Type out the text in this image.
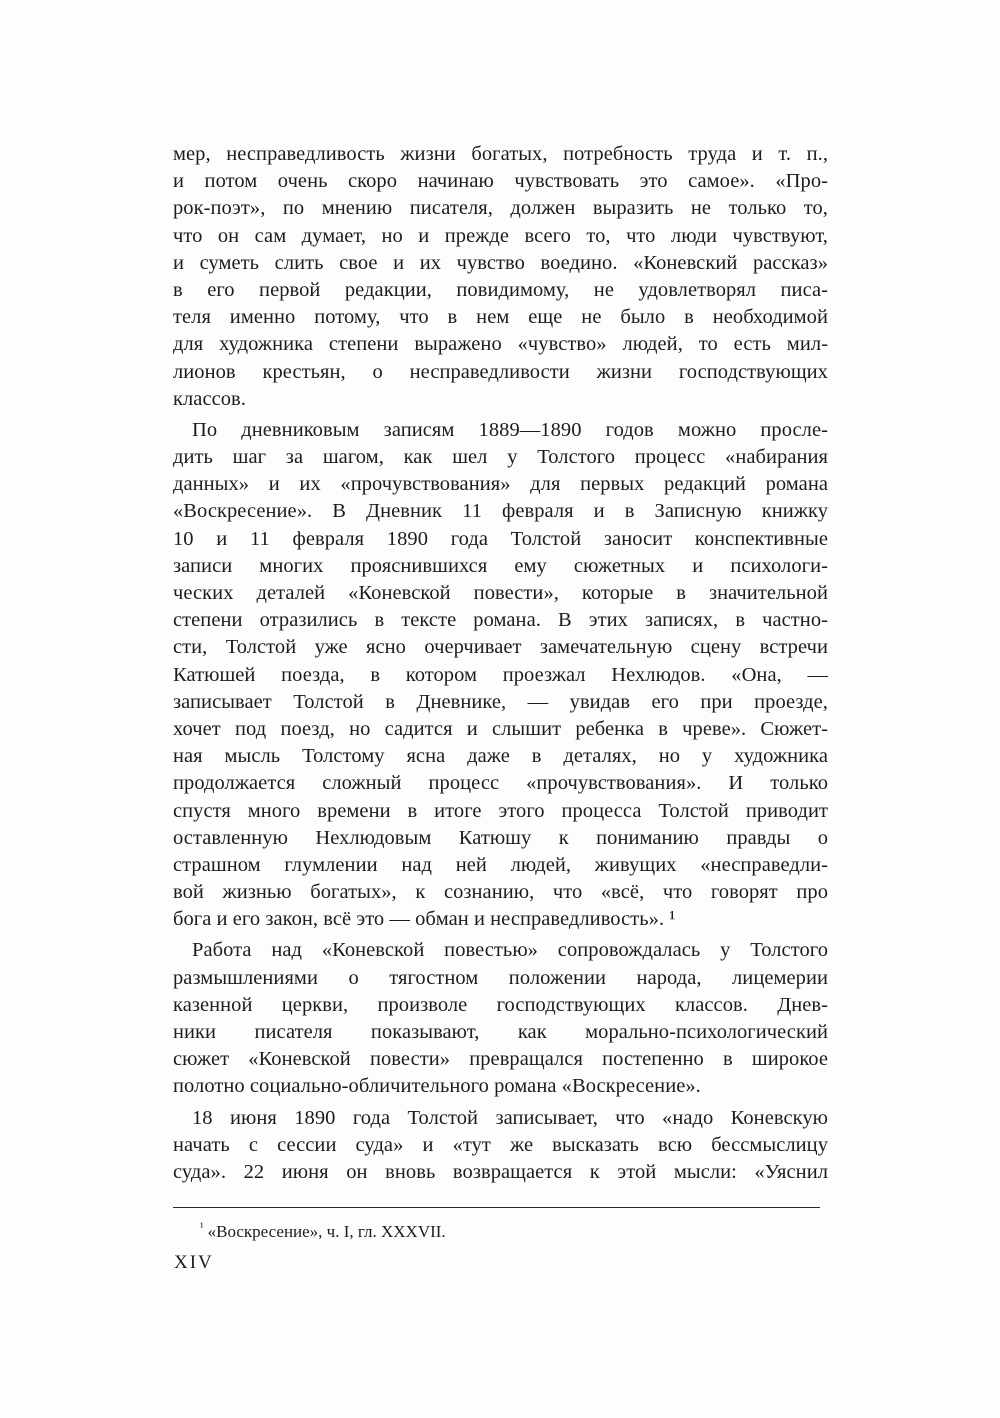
мер, несправедливость жизни богатых, потребность труда и т. п.,
и потом очень скоро начинаю чувствовать это самое». «Про-
рок-поэт», по мнению писателя, должен выразить не только то,
что он сам думает, но и прежде всего то, что люди чувствуют,
и суметь слить свое и их чувство воедино. «Коневский рассказ»
в его первой редакции, повидимому, не удовлетворял писа-
теля именно потому, что в нем еще не было в необходимой
для художника степени выражено «чувство» людей, то есть мил-
лионов крестьян, о несправедливости жизни господствующих
классов.
По дневниковым записям 1889—1890 годов можно просле-
дить шаг за шагом, как шел у Толстого процесс «набирания
данных» и их «прочувствования» для первых редакций романа
«Воскресение». В Дневник 11 февраля и в Записную книжку
10 и 11 февраля 1890 года Толстой заносит конспективные
записи многих прояснившихся ему сюжетных и психологи-
ческих деталей «Коневской повести», которые в значительной
степени отразились в тексте романа. В этих записях, в частно-
сти, Толстой уже ясно очерчивает замечательную сцену встречи
Катюшей поезда, в котором проезжал Нехлюдов. «Она, —
записывает Толстой в Дневнике, — увидав его при проезде,
хочет под поезд, но садится и слышит ребенка в чреве». Сюжет-
ная мысль Толстому ясна даже в деталях, но у художника
продолжается сложный процесс «прочувствования». И только
спустя много времени в итоге этого процесса Толстой приводит
оставленную Нехлюдовым Катюшу к пониманию правды о
страшном глумлении над ней людей, живущих «несправедли-
вой жизнью богатых», к сознанию, что «всё, что говорят про
бога и его закон, всё это — обман и несправедливость». ¹
Работа над «Коневской повестью» сопровождалась у Толстого
размышлениями о тягостном положении народа, лицемерии
казенной церкви, произволе господствующих классов. Днев-
ники писателя показывают, как морально-психологический
сюжет «Коневской повести» превращался постепенно в широкое
полотно социально-обличительного романа «Воскресение».
18 июня 1890 года Толстой записывает, что «надо Коневскую
начать с сессии суда» и «тут же высказать всю бессмыслицу
суда». 22 июня он вновь возвращается к этой мысли: «Уяснил
$^{^1}$ «Воскресение», ч. I, гл. XXXVII.
XIV
